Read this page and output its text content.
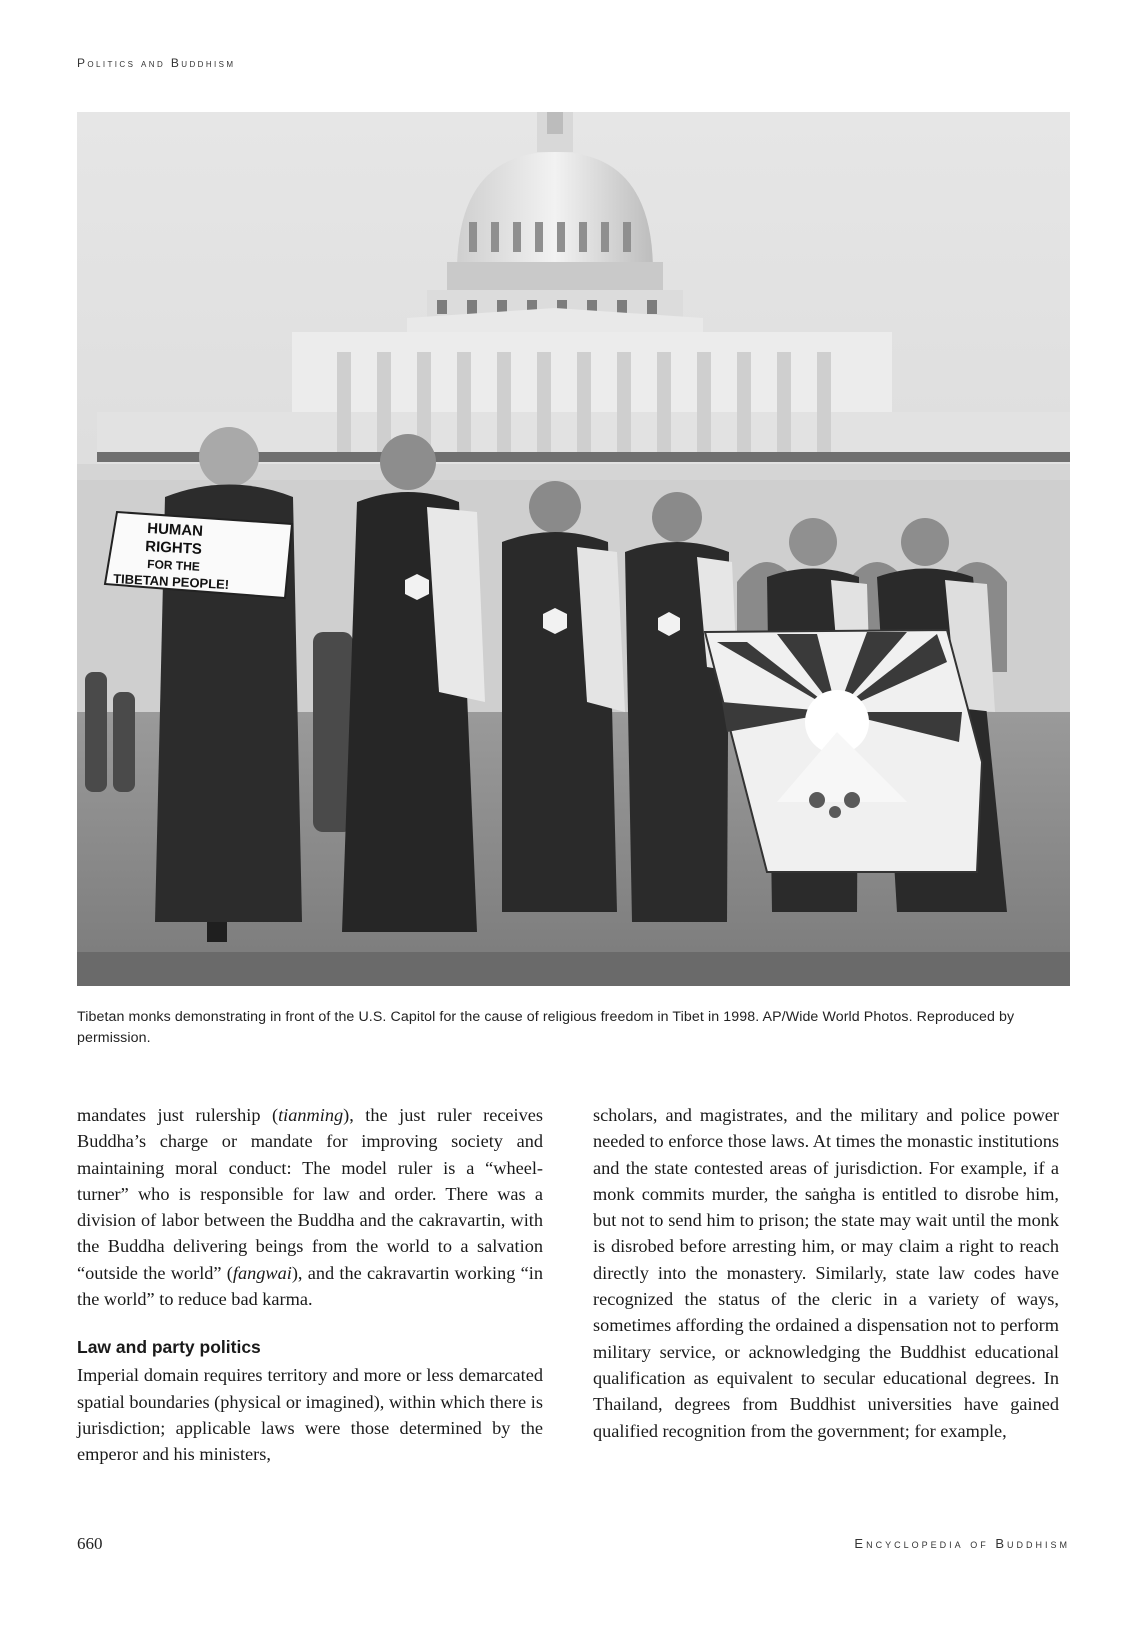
Politics and Buddhism
HUMAN
RIGHTS
FOR THE
TIBETAN PEOPLE!
Tibetan monks demonstrating in front of the U.S. Capitol for the cause of religious freedom in Tibet in 1998. AP/Wide World Photos. Reproduced by permission.

mandates just rulership (tianming), the just ruler receives Buddha’s charge or mandate for improving society and maintaining moral conduct: The model ruler is a “wheel-turner” who is responsible for law and order. There was a division of labor between the Buddha and the cakravartin, with the Buddha delivering beings from the world to a salvation “outside the world” (fangwai), and the cakravartin working “in the world” to reduce bad karma.

Law and party politics

Imperial domain requires territory and more or less demarcated spatial boundaries (physical or imagined), within which there is jurisdiction; applicable laws were those determined by the emperor and his ministers,

scholars, and magistrates, and the military and police power needed to enforce those laws. At times the monastic institutions and the state contested areas of jurisdiction. For example, if a monk commits murder, the saṅgha is entitled to disrobe him, but not to send him to prison; the state may wait until the monk is disrobed before arresting him, or may claim a right to reach directly into the monastery. Similarly, state law codes have recognized the status of the cleric in a variety of ways, sometimes affording the ordained a dispensation not to perform military service, or acknowledging the Buddhist educational qualification as equivalent to secular educational degrees. In Thailand, degrees from Buddhist universities have gained qualified recognition from the government; for example,

660	Encyclopedia of Buddhism
